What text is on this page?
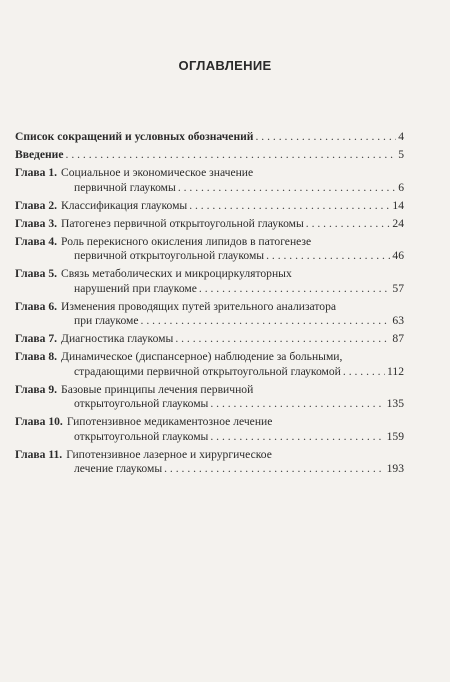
ОГЛАВЛЕНИЕ
Список сокращений и условных обозначений . . .	4
Введение . . .	5
Глава 1. Социальное и экономическое значение
первичной глаукомы . . .	6
Глава 2. Классификация глаукомы . . .	14
Глава 3. Патогенез первичной открытоугольной глаукомы . . .	24
Глава 4. Роль перекисного окисления липидов в патогенезе
первичной открытоугольной глаукомы . . .	46
Глава 5. Связь метаболических и микроциркуляторных
нарушений при глаукоме . . .	57
Глава 6. Изменения проводящих путей зрительного анализатора
при глаукоме . . .	63
Глава 7. Диагностика глаукомы . . .	87
Глава 8. Динамическое (диспансерное) наблюдение за больными,
страдающими первичной открытоугольной глаукомой . . .	112
Глава 9. Базовые принципы лечения первичной
открытоугольной глаукомы . . .	135
Глава 10. Гипотензивное медикаментозное лечение
открытоугольной глаукомы . . .	159
Глава 11. Гипотензивное лазерное и хирургическое
лечение глаукомы . . .	193
